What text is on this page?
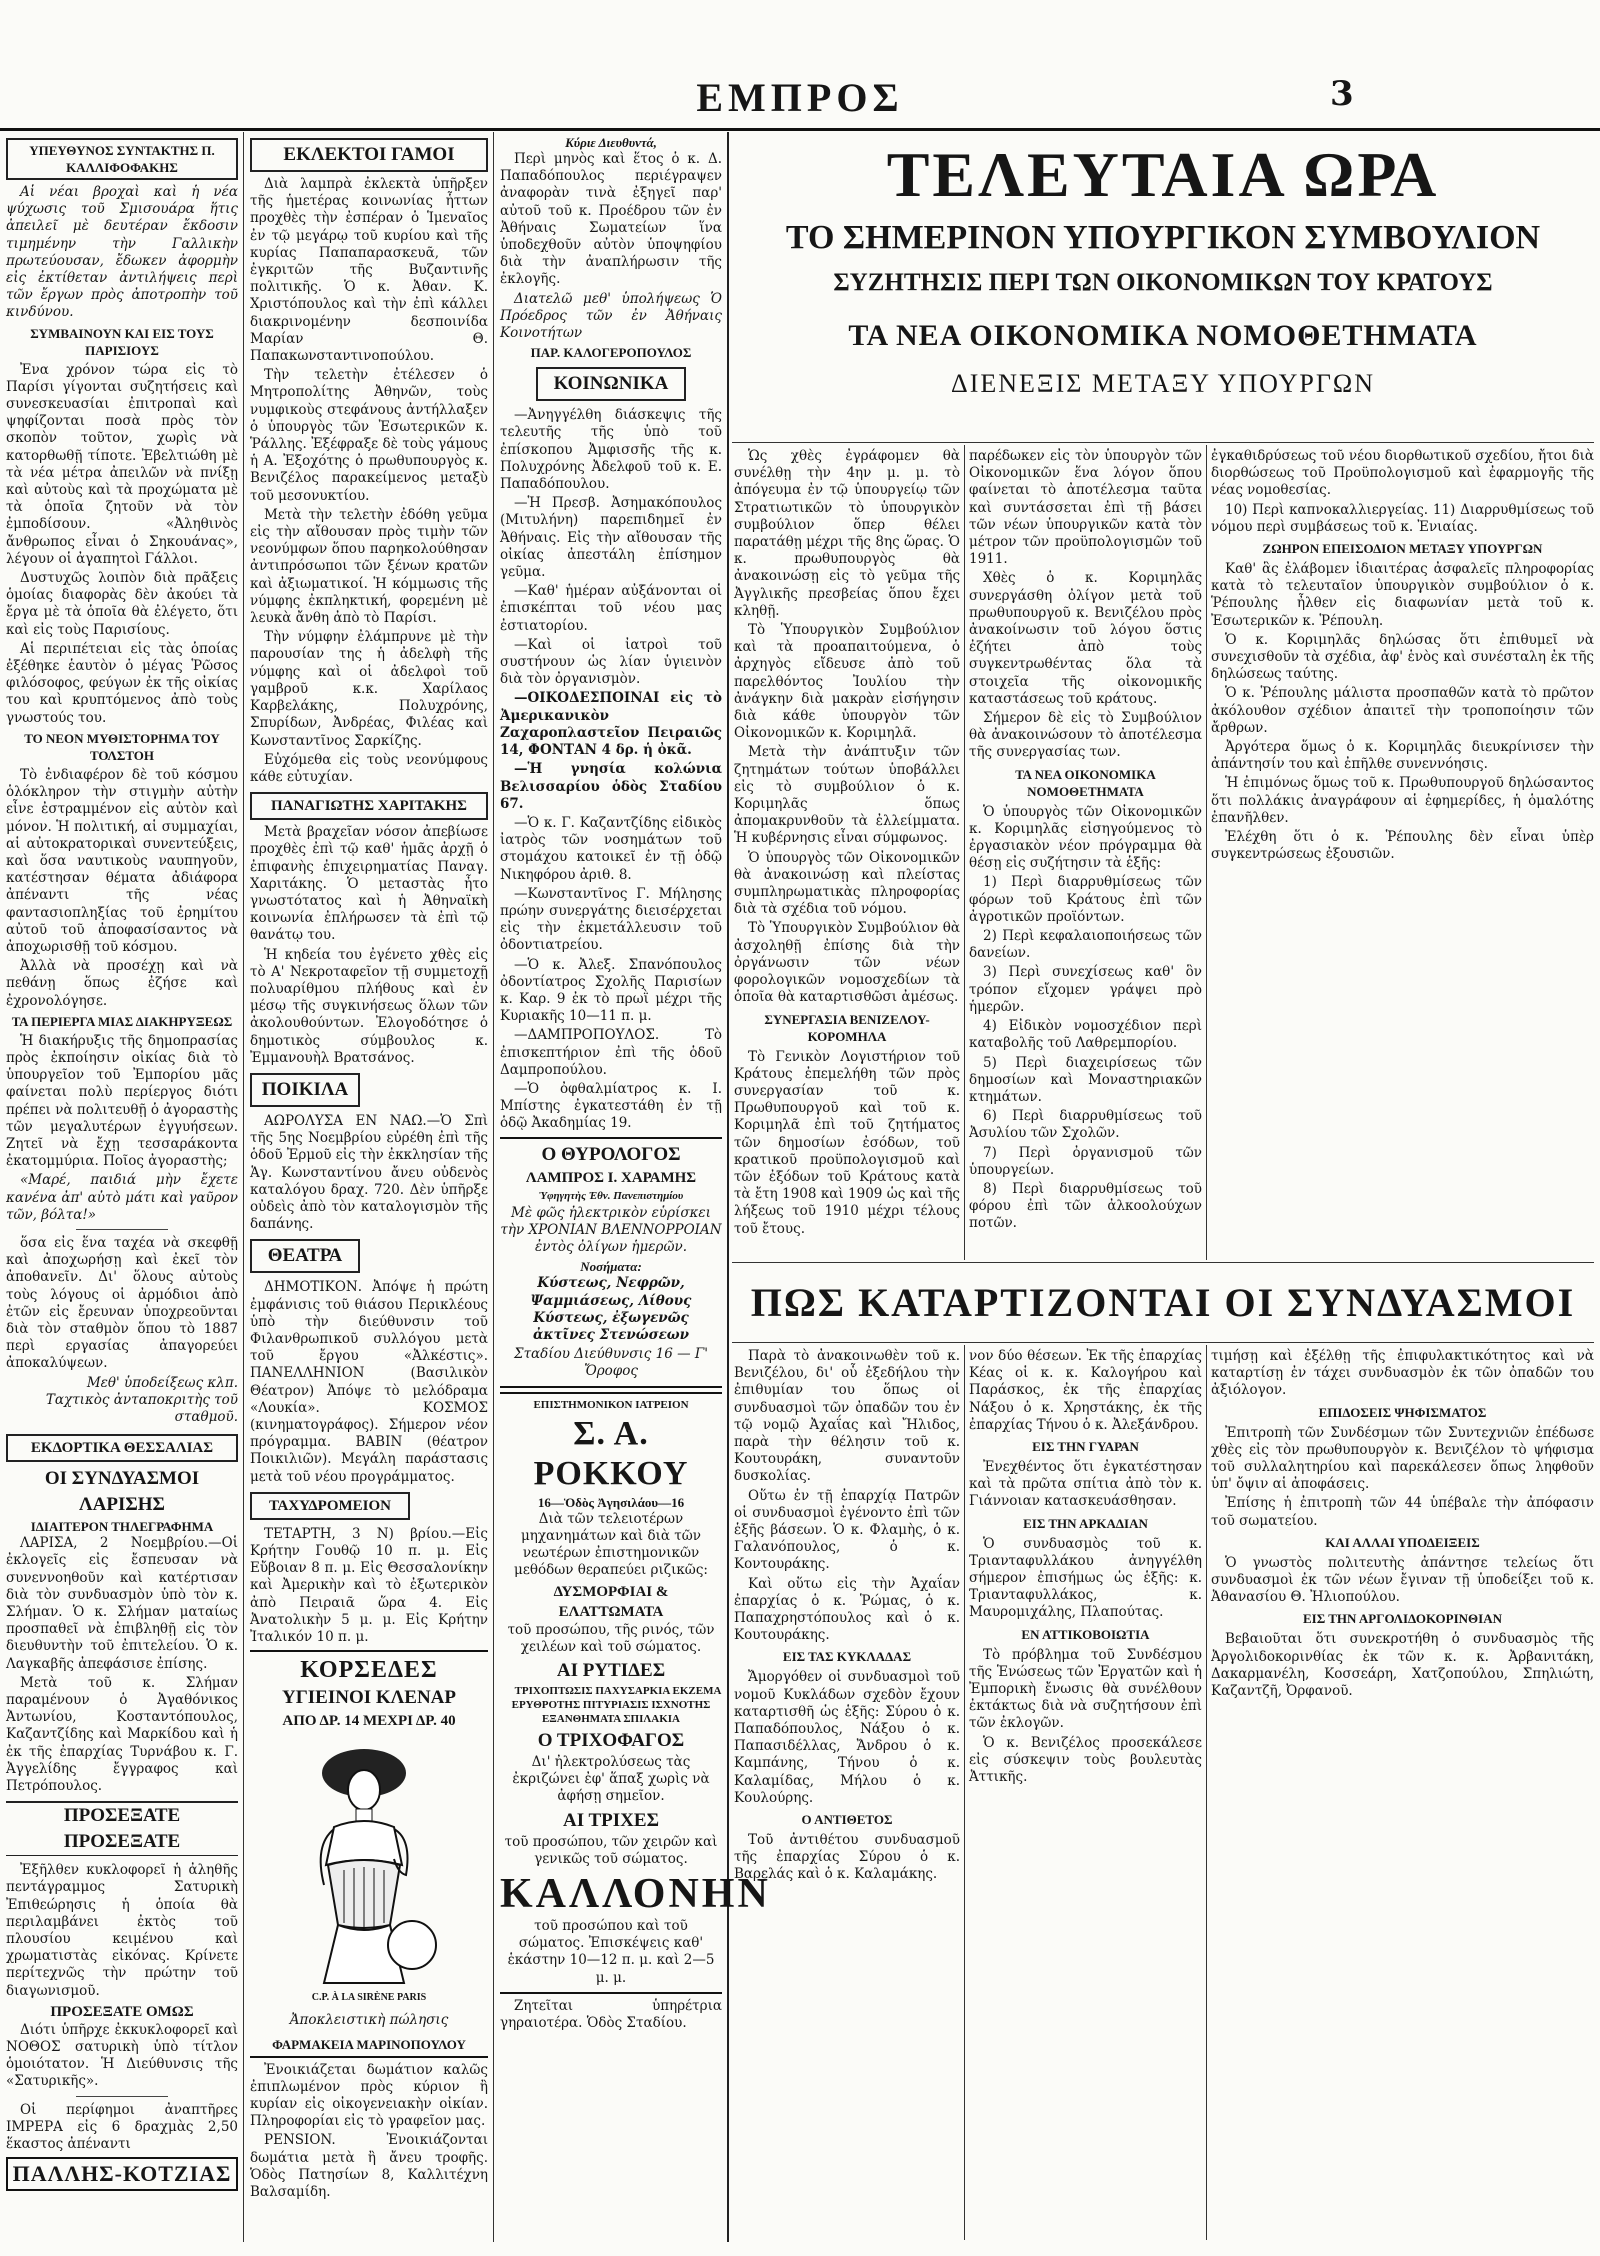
ΕΜΠΡΟΣ	3
ΥΠΕΥΘΥΝΟΣ ΣΥΝΤΑΚΤΗΣ Π. ΚΑΛΛΙΦΟΦΑΚΗΣ

Αἱ νέαι βροχαὶ καὶ ἡ νέα ψύχωσις τοῦ Σμισουάρα ἥτις ἀπειλεῖ μὲ δευτέραν ἔκδοσιν τιμημένην τὴν Γαλλικὴν πρωτεύουσαν, ἔδωκεν ἀφορμὴν εἰς ἐκτίθεταν ἀντιλήψεις περὶ τῶν ἔργων πρὸς ἀποτροπὴν τοῦ κινδύνου.

ΣΥΜΒΑΙΝΟΥΝ ΚΑΙ ΕΙΣ ΤΟΥΣ ΠΑΡΙΣΙΟΥΣ

Ἐνα χρόνον τώρα εἰς τὸ Παρίσι γίγονται συζητήσεις καὶ συνεσκευασίαι ἐπιτροπαὶ καὶ ψηφίζονται ποσὰ πρὸς τὸν σκοπὸν τοῦτον, χωρὶς νὰ κατορθωθῇ τίποτε. Ἐβελτιώθη μὲ τὰ νέα μέτρα ἀπειλῶν νὰ πνίξῃ καὶ αὐτοὺς καὶ τὰ προχώματα μὲ τὰ ὁποῖα ζητοῦν νὰ τὸν ἐμποδίσουν. «Ἀληθινὸς ἄνθρωπος εἶναι ὁ Σηκουάνας», λέγουν οἱ ἀγαπητοὶ Γάλλοι.

Δυστυχῶς λοιπὸν διὰ πρᾶξεις ὁμοίας διαφορὰς δὲν ἀκούει τὰ ἔργα μὲ τὰ ὁποῖα θὰ ἐλέγετο, ὅτι καὶ εἰς τοὺς Παρισίους.

Αἱ περιπέτειαι εἰς τὰς ὁποίας ἐξέθηκε ἑαυτὸν ὁ μέγας Ῥῶσος φιλόσοφος, φεύγων ἐκ τῆς οἰκίας του καὶ κρυπτόμενος ἀπὸ τοὺς γνωστούς του.

ΤΟ ΝΕΟΝ ΜΥΘΙΣΤΟΡΗΜΑ ΤΟΥ ΤΟΛΣΤΟΗ

Τὸ ἐνδιαφέρον δὲ τοῦ κόσμου ὁλόκληρον τὴν στιγμὴν αὐτὴν εἶνε ἐστραμμένον εἰς αὐτὸν καὶ μόνον. Ἡ πολιτική, αἱ συμμαχίαι, αἱ αὐτοκρατορικαὶ συνεντεύξεις, καὶ ὅσα ναυτικοὺς ναυπηγοῦν, κατέστησαν θέματα ἀδιάφορα ἀπέναντι τῆς νέας φαντασιοπληξίας τοῦ ἐρημίτου αὐτοῦ τοῦ ἀποφασίσαντος νὰ ἀποχωρισθῇ τοῦ κόσμου.

Ἀλλὰ νὰ προσέχῃ καὶ νὰ πεθάνῃ ὅπως ἐζήσε καὶ ἐχρονολόγησε.

ΤΑ ΠΕΡΙΕΡΓΑ ΜΙΑΣ ΔΙΑΚΗΡΥΞΕΩΣ

Ἡ διακήρυξις τῆς δημοπρασίας πρὸς ἐκποίησιν οἰκίας διὰ τὸ ὑπουργεῖον τοῦ Ἐμπορίου μᾶς φαίνεται πολὺ περίεργος διότι πρέπει νὰ πολιτευθῇ ὁ ἀγοραστὴς τῶν μεγαλυτέρων ἐγγυήσεων. Ζητεῖ νὰ ἔχῃ τεσσαράκοντα ἐκατομμύρια. Ποῖος ἀγοραστὴς;

«Μαρέ, παιδιά μὴν ἔχετε κανένα ἀπ' αὐτὸ μάτι καὶ γαῦρον τῶν, βόλτα!»

ὅσα εἰς ἕνα ταχέα νὰ σκεφθῇ καὶ ἀποχωρήσῃ καὶ ἐκεῖ τὸν ἀποθανεῖν. Δι' ὅλους αὐτοὺς τοὺς λόγους οἱ ἀρμόδιοι ἀπὸ ἐτῶν εἰς ἔρευναν ὑποχρεοῦνται διὰ τὸν σταθμὸν ὅπου τὸ 1887 περὶ εργασίας ἀπαγορεύει ἀποκαλύψεων.

Μεθ' ὑποδείξεως κλπ. Ταχτικὸς ἀνταποκριτὴς τοῦ σταθμοῦ.

ΕΚΔΟΡΤΙΚΑ ΘΕΣΣΑΛΙΑΣ
ΟΙ ΣΥΝΔΥΑΣΜΟΙ ΛΑΡΙΣΗΣ
ΙΔΙΑΙΤΕΡΟΝ ΤΗΛΕΓΡΑΦΗΜΑ

ΛΑΡΙΣΑ, 2 Νοεμβρίου.—Οἱ ἐκλογεῖς εἰς ἔσπευσαν νὰ συνεννοηθοῦν καὶ κατέρτισαν διὰ τὸν συνδυασμὸν ὑπὸ τὸν κ. Σλήμαν. Ὁ κ. Σλήμαν ματαίως προσπαθεῖ νὰ ἐπιβληθῇ εἰς τὸν διευθυντὴν τοῦ ἐπιτελείου. Ὁ κ. Λαγκαβῆς ἀπεφάσισε ἐπίσης.

Μετὰ τοῦ κ. Σλήμαν παραμένουν ὁ Ἀγαθόνικος Ἀντωνίου, Κοσταντόπουλος, Καζαντζίδης καὶ Μαρκίδου καὶ ἡ ἐκ τῆς ἐπαρχίας Τυρνάβου κ. Γ. Ἀγγελίδης ἔγγραφος καὶ Πετρόπουλος.

ΠΡΟΣΕΞΑΤΕ ΠΡΟΣΕΞΑΤΕ

Ἐξῆλθεν κυκλοφορεῖ ἡ ἀληθῆς πεντάγραμμος Σατυρικὴ Ἐπιθεώρησις ἡ ὁποία θὰ περιλαμβάνει ἐκτὸς τοῦ πλουσίου κειμένου καὶ χρωματιστὰς εἰκόνας. Κρίνετε περίτεχνῶς τὴν πρώτην τοῦ διαγωνισμοῦ.

ΠΡΟΣΕΞΑΤΕ ΟΜΩΣ

Διότι ὑπῆρχε ἐκκυκλοφορεῖ καὶ ΝΟΘΟΣ σατυρικὴ ὑπὸ τίτλον ὁμοιότατον. Ἡ Διεύθυνσις τῆς «Σατυρικῆς».

Οἱ περίφημοι ἀναπτῆρες ΙΜΡΕΡΑ εἰς 6 δραχμὰς 2,50 ἕκαστος ἀπέναντι

ΠΑΛΛΗΣ-ΚΟΤΖΙΑΣ
ΕΚΛΕΚΤΟΙ ΓΑΜΟΙ

Διὰ λαμπρὰ ἐκλεκτὰ ὑπῆρξεν τῆς ἡμετέρας κοινωνίας ἧττων προχθὲς τὴν ἐσπέραν ὁ Ἱμεναῖος ἐν τῷ μεγάρῳ τοῦ κυρίου καὶ τῆς κυρίας Παπαπαρασκευᾶ, τῶν ἐγκριτῶν τῆς Βυζαντινῆς πολιτικῆς. Ὁ κ. Ἀθαν. Κ. Χριστόπουλος καὶ τὴν ἐπὶ κάλλει διακρινομένην δεσποινίδα Μαρίαν Θ. Παπακωνσταντινοπούλου.

Τὴν τελετὴν ἐτέλεσεν ὁ Μητροπολίτης Ἀθηνῶν, τοὺς νυμφικοὺς στεφάνους ἀντήλλαξεν ὁ ὑπουργὸς τῶν Ἐσωτερικῶν κ. Ῥάλλης. Ἐξέφραξε δὲ τοὺς γάμους ἡ Α. Ἐξοχότης ὁ πρωθυπουργὸς κ. Βενιζέλος παρακείμενος μεταξὺ τοῦ μεσονυκτίου.

Μετὰ τὴν τελετὴν ἐδόθη γεῦμα εἰς τὴν αἴθουσαν πρὸς τιμὴν τῶν νεονύμφων ὅπου παρηκολούθησαν ἀντιπρόσωποι τῶν ξένων κρατῶν καὶ ἀξιωματικοί. Ἡ κόμμωσις τῆς νύμφης ἐκπληκτική, φορεμένη μὲ λευκὰ ἄνθη ἀπὸ τὸ Παρίσι.

Τὴν νύμφην ἐλάμπρυνε μὲ τὴν παρουσίαν της ἡ ἀδελφὴ τῆς νύμφης καὶ οἱ ἀδελφοὶ τοῦ γαμβροῦ κ.κ. Χαρίλαος Καρβελάκης, Πολυχρόνης, Σπυρίδων, Ἀνδρέας, Φιλέας καὶ Κωνσταντῖνος Σαρκίζης.

Εὐχόμεθα εἰς τοὺς νεονύμφους κάθε εὐτυχίαν.

ΠΑΝΑΓΙΩΤΗΣ ΧΑΡΙΤΑΚΗΣ

Μετὰ βραχεῖαν νόσον ἀπεβίωσε προχθὲς ἐπὶ τῷ καθ' ἡμᾶς ἀρχῇ ὁ ἐπιφανὴς ἐπιχειρηματίας Παναγ. Χαριτάκης. Ὁ μεταστὰς ἦτο γνωστότατος καὶ ἡ Ἀθηναϊκὴ κοινωνία ἐπλήρωσεν τὰ ἐπὶ τῷ θανάτῳ του.

Ἡ κηδεία του ἐγένετο χθὲς εἰς τὸ Α' Νεκροταφεῖον τῇ συμμετοχῇ πολυαρίθμου πλήθους καὶ ἐν μέσῳ τῆς συγκινήσεως ὅλων τῶν ἀκολουθούντων. Ἐλογοδότησε ὁ δημοτικὸς σύμβουλος κ. Ἐμμανουὴλ Βρατσάνος.

ΠΟΙΚΙΛΑ

ΑΩΡΟΛΥΣΑ ΕΝ ΝΑΩ.—Ὁ Σπὶ τῆς 5ης Νοεμβρίου εὐρέθη ἐπὶ τῆς ὁδοῦ Ἐρμοῦ εἰς τὴν ἐκκλησίαν τῆς Ἁγ. Κωνσταντίνου ἄνευ οὐδενὸς καταλόγου δραχ. 720. Δὲν ὑπῆρξε οὐδεὶς ἀπὸ τὸν καταλογισμὸν τῆς δαπάνης.

ΘΕΑΤΡΑ

ΔΗΜΟΤΙΚΟΝ. Ἀπόψε ἡ πρώτη ἐμφάνισις τοῦ θιάσου Περικλέους ὑπὸ τὴν διεύθυνσιν τοῦ Φιλανθρωπικοῦ συλλόγου μετὰ τοῦ ἔργου «Ἀλκέστις». ΠΑΝΕΛΛΗΝΙΟΝ (Βασιλικὸν Θέατρον) Ἀπόψε τὸ μελόδραμα «Λουκία». ΚΟΣΜΟΣ (κινηματογράφος). Σήμερον νέον πρόγραμμα. ΒΑΒΙΝ (θέατρον Ποικιλιῶν). Μεγάλη παράστασις μετὰ τοῦ νέου προγράμματος.

ΤΑΧΥΔΡΟΜΕΙΟΝ

ΤΕΤΑΡΤΗ, 3 Ν) βρίου.—Εἰς Κρήτην Γουθῷ 10 π. μ. Εἰς Εὔβοιαν 8 π. μ. Εἰς Θεσσαλονίκην καὶ Ἀμερικὴν καὶ τὸ ἐξωτερικὸν ἀπὸ Πειραιᾶ ὥρα 4. Εἰς Ἀνατολικὴν 5 μ. μ. Εἰς Κρήτην Ἰταλικόν 10 π. μ.

ΚΟΡΣΕΔΕΣ
ΥΓΙΕΙΝΟΙ ΚΛΕΝΑΡ
ΑΠΟ ΔΡ. 14 ΜΕΧΡΙ ΔΡ. 40
C.P. À LA SIRÈNE PARIS
Ἀποκλειστικὴ πώλησις
ΦΑΡΜΑΚΕΙΑ ΜΑΡΙΝΟΠΟΥΛΟΥ

Ἐνοικιάζεται δωμάτιον καλῶς ἐπιπλωμένον πρὸς κύριον ἢ κυρίαν εἰς οἰκογενειακὴν οἰκίαν. Πληροφορίαι εἰς τὸ γραφεῖον μας.

PENSION. Ἐνοικιάζονται δωμάτια μετὰ ἢ ἄνευ τροφῆς. Ὁδὸς Πατησίων 8, Καλλιτέχνη Βαλσαμίδη.

Κύριε Διευθυντά,

Περὶ μηνὸς καὶ ἕτος ὁ κ. Δ. Παπαδόπουλος περιέγραψεν ἀναφορὰν τινὰ ἐξηγεῖ παρ' αὐτοῦ τοῦ κ. Προέδρου τῶν ἐν Ἀθήναις Σωματείων ἵνα ὑποδεχθοῦν αὐτὸν ὑποψηφίου διὰ τὴν ἀναπλήρωσιν τῆς ἐκλογῆς.

Διατελῶ μεθ' ὑπολήψεως Ὁ Πρόεδρος τῶν ἐν Ἀθήναις Κοινοτήτων

ΠΑΡ. ΚΑΛΟΓΕΡΟΠΟΥΛΟΣ
ΚΟΙΝΩΝΙΚΑ

—Ἀνηγγέλθη διάσκεψις τῆς τελευτῆς τῆς ὑπὸ τοῦ ἐπίσκοπου Ἀμφισσῆς τῆς κ. Πολυχρόνης Ἀδελφοῦ τοῦ κ. Ε. Παπαδόπουλου.

—Ἡ Πρεσβ. Ἀσημακόπουλος (Μιτυλήνη) παρεπιδημεῖ ἐν Ἀθήναις. Εἰς τὴν αἴθουσαν τῆς οἰκίας ἀπεστάλη ἐπίσημον γεῦμα.

—Καθ' ἡμέραν αὐξάνονται οἱ ἐπισκέπται τοῦ νέου μας ἐστιατορίου.

—Καὶ οἱ ἰατροὶ τοῦ συστήνουν ὡς λίαν ὑγιεινὸν διὰ τὸν ὀργανισμὸν.

—ΟΙΚΟΔΕΣΠΟΙΝΑΙ εἰς τὸ Ἀμερικανικὸν Ζαχαροπλαστεῖον Πειραιῶς 14, ΦΟΝΤΑΝ 4 δρ. ἡ ὀκᾶ.

—Ἡ γνησία κολώνια Βελισσαρίου ὁδὸς Σταδίου 67.

—Ὁ κ. Γ. Καζαντζίδης εἰδικὸς ἰατρὸς τῶν νοσημάτων τοῦ στομάχου κατοικεῖ ἐν τῇ ὁδῷ Νικηφόρου ἀριθ. 8.

—Κωνσταντῖνος Γ. Μήλησης πρώην συνεργάτης διεισέρχεται εἰς τὴν ἐκμετάλλευσιν τοῦ ὀδοντιατρείου.

—Ὁ κ. Ἀλεξ. Σπανόπουλος ὀδοντίατρος Σχολῆς Παρισίων κ. Καρ. 9 ἐκ τὸ πρωῒ μέχρι τῆς Κυριακῆς 10—11 π. μ.

—ΔΑΜΠΡΟΠΟΥΛΟΣ. Τὸ ἐπισκεπτήριον ἐπὶ τῆς ὁδοῦ Δαμπροπούλου.

—Ὁ ὀφθαλμίατρος κ. Ι. Μπίστης ἐγκατεστάθη ἐν τῇ ὁδῷ Ἀκαδημίας 19.

Ο ΘΥΡΟΛΟΓΟΣ
ΛΑΜΠΡΟΣ Ι. ΧΑΡΑΜΗΣ
Ὑφηγητὴς Ἐθν. Πανεπιστημίου

Μὲ φῶς ἠλεκτρικὸν εὑρίσκει τὴν ΧΡΟΝΙΑΝ ΒΛΕΝΝΟΡΡΟΙΑΝ ἐντὸς ὀλίγων ἡμερῶν.

Νοσήματα:

Κύστεως, Νεφρῶν, Ψαμμιάσεως, Λίθους Κύστεως, ἐξωγενῶς ἀκτῖνες Στενώσεων

Σταδίου Διεύθυνσις 16 — Γ' Ὄροφος

ΕΠΙΣΤΗΜΟΝΙΚΟΝ ΙΑΤΡΕΙΟΝ
Σ. Α. ΡΟΚΚΟΥ
16—Ὁδὸς Ἀγησιλάου—16

Διὰ τῶν τελειοτέρων μηχανημάτων καὶ διὰ τῶν νεωτέρων ἐπιστημονικῶν μεθόδων θεραπεύει ριζικῶς:

ΔΥΣΜΟΡΦΙΑΙ & ΕΛΑΤΤΩΜΑΤΑ

τοῦ προσώπου, τῆς ρινός, τῶν χειλέων καὶ τοῦ σώματος.

ΑΙ ΡΥΤΙΔΕΣ

ΤΡΙΧΟΠΤΩΣΙΣ ΠΑΧΥΣΑΡΚΙΑ ΕΚΖΕΜΑ ΕΡΥΘΡΟΤΗΣ ΠΙΤΥΡΙΑΣΙΣ ΙΣΧΝΟΤΗΣ ΕΞΑΝΘΗΜΑΤΑ ΣΠΙΛΑΚΙΑ

Ο ΤΡΙΧΟΦΑΓΟΣ

Δι' ἠλεκτρολύσεως τὰς ἐκριζώνει ἐφ' ἅπαξ χωρὶς νὰ ἀφήσῃ σημεῖον.

ΑΙ ΤΡΙΧΕΣ

τοῦ προσώπου, τῶν χειρῶν καὶ γενικῶς τοῦ σώματος.

ΚΑΛΛΟΝΗΝ

τοῦ προσώπου καὶ τοῦ σώματος. Ἐπισκέψεις καθ' ἑκάστην 10—12 π. μ. καὶ 2—5 μ. μ.

Ζητεῖται ὑπηρέτρια γηραιοτέρα. Ὁδὸς Σταδίου.

ΤΕΛΕΥΤΑΙΑ ΩΡΑ
ΤΟ ΣΗΜΕΡΙΝΟΝ ΥΠΟΥΡΓΙΚΟΝ ΣΥΜΒΟΥΛΙΟΝ
ΣΥΖΗΤΗΣΙΣ ΠΕΡΙ ΤΩΝ ΟΙΚΟΝΟΜΙΚΩΝ ΤΟΥ ΚΡΑΤΟΥΣ
ΤΑ ΝΕΑ ΟΙΚΟΝΟΜΙΚΑ ΝΟΜΟΘΕΤΗΜΑΤΑ
ΔΙΕΝΕΞΙΣ ΜΕΤΑΞΥ ΥΠΟΥΡΓΩΝ

Ὡς χθὲς ἐγράφομεν θὰ συνέλθῃ τὴν 4ην μ. μ. τὸ ἀπόγευμα ἐν τῷ ὑπουργείῳ τῶν Στρατιωτικῶν τὸ ὑπουργικὸν συμβούλιον ὅπερ θέλει παρατάθῃ μέχρι τῆς 8ης ὥρας. Ὁ κ. πρωθυπουργὸς θὰ ἀνακοινώσῃ εἰς τὸ γεῦμα τῆς Ἀγγλικῆς πρεσβείας ὅπου ἔχει κληθῇ.

Τὸ Ὑπουργικὸν Συμβούλιον καὶ τὰ προαπαιτούμενα, ὁ ἀρχηγὸς εἴδευσε ἀπὸ τοῦ παρελθόντος Ἰουλίου τὴν ἀνάγκην διὰ μακρὰν εἰσήγησιν διὰ κάθε ὑπουργὸν τῶν Οἰκονομικῶν κ. Κοριμηλᾶ.

Μετὰ τὴν ἀνάπτυξιν τῶν ζητημάτων τούτων ὑποβάλλει εἰς τὸ συμβούλιον ὁ κ. Κοριμηλᾶς ὅπως ἀπομακρυνθοῦν τὰ ἐλλείμματα. Ἡ κυβέρνησις εἶναι σύμφωνος.

Ὁ ὑπουργὸς τῶν Οἰκονομικῶν θὰ ἀνακοινώσῃ καὶ πλείστας συμπληρωματικὰς πληροφορίας διὰ τὰ σχέδια τοῦ νόμου.

Τὸ Ὑπουργικὸν Συμβούλιον θὰ ἀσχοληθῇ ἐπίσης διὰ τὴν ὀργάνωσιν τῶν νέων φορολογικῶν νομοσχεδίων τὰ ὁποῖα θὰ καταρτισθῶσι ἀμέσως.

ΣΥΝΕΡΓΑΣΙΑ ΒΕΝΙΖΕΛΟΥ-ΚΟΡΟΜΗΛΑ

Τὸ Γενικὸν Λογιστήριον τοῦ Κράτους ἐπεμελήθη τῶν πρὸς συνεργασίαν τοῦ κ. Πρωθυπουργοῦ καὶ τοῦ κ. Κοριμηλᾶ ἐπὶ τοῦ ζητήματος τῶν δημοσίων ἐσόδων, τοῦ κρατικοῦ προϋπολογισμοῦ καὶ τῶν ἐξόδων τοῦ Κράτους κατὰ τὰ ἔτη 1908 καὶ 1909 ὡς καὶ τῆς λήξεως τοῦ 1910 μέχρι τέλους τοῦ ἔτους.

παρέδωκεν εἰς τὸν ὑπουργὸν τῶν Οἰκονομικῶν ἕνα λόγον ὅπου φαίνεται τὸ ἀποτέλεσμα ταῦτα καὶ συντάσσεται ἐπὶ τῇ βάσει τῶν νέων ὑπουργικῶν κατὰ τὸν μέτρον τῶν προϋπολογισμῶν τοῦ 1911.

Χθὲς ὁ κ. Κοριμηλᾶς συνεργάσθη ὀλίγον μετὰ τοῦ πρωθυπουργοῦ κ. Βενιζέλου πρὸς ἀνακοίνωσιν τοῦ λόγου ὅστις ἐζήτει ἀπὸ τοὺς συγκεντρωθέντας ὅλα τὰ στοιχεῖα τῆς οἰκονομικῆς καταστάσεως τοῦ κράτους.

Σήμερον δὲ εἰς τὸ Συμβούλιον θὰ ἀνακοινώσουν τὸ ἀποτέλεσμα τῆς συνεργασίας των.

ΤΑ ΝΕΑ ΟΙΚΟΝΟΜΙΚΑ ΝΟΜΟΘΕΤΗΜΑΤΑ

Ὁ ὑπουργὸς τῶν Οἰκονομικῶν κ. Κοριμηλᾶς εἰσηγούμενος τὸ ἐργασιακὸν νέον πρόγραμμα θὰ θέσῃ εἰς συζήτησιν τὰ ἑξῆς:

1) Περὶ διαρρυθμίσεως τῶν φόρων τοῦ Κράτους ἐπὶ τῶν ἀγροτικῶν προϊόντων.

2) Περὶ κεφαλαιοποιήσεως τῶν δανείων.

3) Περὶ συνεχίσεως καθ' ὃν τρόπον εἴχομεν γράψει πρὸ ἡμερῶν.

4) Εἰδικὸν νομοσχέδιον περὶ καταβολῆς τοῦ Λαθρεμπορίου.

5) Περὶ διαχειρίσεως τῶν δημοσίων καὶ Μοναστηριακῶν κτημάτων.

6) Περὶ διαρρυθμίσεως τοῦ Ἀσυλίου τῶν Σχολῶν.

7) Περὶ ὀργανισμοῦ τῶν ὑπουργείων.

8) Περὶ διαρρυθμίσεως τοῦ φόρου ἐπὶ τῶν ἀλκοολούχων ποτῶν.

ἐγκαθιδρύσεως τοῦ νέου διορθωτικοῦ σχεδίου, ἤτοι διὰ διορθώσεως τοῦ Προϋπολογισμοῦ καὶ ἐφαρμογῆς τῆς νέας νομοθεσίας.

10) Περὶ καπνοκαλλιεργείας. 11) Διαρρυθμίσεως τοῦ νόμου περὶ συμβάσεως τοῦ κ. Ἐνιαίας.

ΖΩΗΡΟΝ ΕΠΕΙΣΟΔΙΟΝ ΜΕΤΑΞΥ ΥΠΟΥΡΓΩΝ

Καθ' ἃς ἐλάβομεν ἰδιαιτέρας ἀσφαλεῖς πληροφορίας κατὰ τὸ τελευταῖον ὑπουργικὸν συμβούλιον ὁ κ. Ῥέπουλης ἦλθεν εἰς διαφωνίαν μετὰ τοῦ κ. Ἐσωτερικῶν κ. Ῥέπουλη.

Ὁ κ. Κοριμηλᾶς δηλώσας ὅτι ἐπιθυμεῖ νὰ συνεχισθοῦν τὰ σχέδια, ἀφ' ἑνὸς καὶ συνέσταλη ἐκ τῆς δηλώσεως ταύτης.

Ὁ κ. Ῥέπουλης μάλιστα προσπαθῶν κατὰ τὸ πρῶτον ἀκόλουθον σχέδιον ἀπαιτεῖ τὴν τροποποίησιν τῶν ἄρθρων.

Ἀργότερα ὅμως ὁ κ. Κοριμηλᾶς διευκρίνισεν τὴν ἀπάντησίν του καὶ ἐπῆλθε συνεννόησις.

Ἡ ἐπιμόνως ὅμως τοῦ κ. Πρωθυπουργοῦ δηλώσαντος ὅτι πολλάκις ἀναγράφουν αἱ ἐφημερίδες, ἡ ὁμαλότης ἐπανῆλθεν.

Ἐλέχθη ὅτι ὁ κ. Ῥέπουλης δὲν εἶναι ὑπὲρ συγκεντρώσεως ἐξουσιῶν.

ΠΩΣ ΚΑΤΑΡΤΙΖΟΝΤΑΙ ΟΙ ΣΥΝΔΥΑΣΜΟΙ

Παρὰ τὸ ἀνακοινωθὲν τοῦ κ. Βενιζέλου, δι' οὗ ἐξεδήλου τὴν ἐπιθυμίαν του ὅπως οἱ συνδυασμοὶ τῶν ὀπαδῶν του ἐν τῷ νομῷ Ἀχαΐας καὶ Ἤλιδος, παρὰ τὴν θέλησιν τοῦ κ. Κουτουράκη, συναντοῦν δυσκολίας.

Οὕτω ἐν τῇ ἐπαρχίᾳ Πατρῶν οἱ συνδυασμοὶ ἐγένοντο ἐπὶ τῶν ἑξῆς βάσεων. Ὁ κ. Φλαμὴς, ὁ κ. Γαλανόπουλος, ὁ κ. Κοντουράκης.

Καὶ οὕτω εἰς τὴν Ἀχαΐαν ἐπαρχίας ὁ κ. Ῥώμας, ὁ κ. Παπαχρηστόπουλος καὶ ὁ κ. Κουτουράκης.

ΕΙΣ ΤΑΣ ΚΥΚΛΑΔΑΣ

Ἄμοργόθεν οἱ συνδυασμοὶ τοῦ νομοῦ Κυκλάδων σχεδὸν ἔχουν καταρτισθῆ ὡς ἑξῆς: Σύρου ὁ κ. Παπαδόπουλος, Νάξου ὁ κ. Παπασιδέλλας, Ἄνδρου ὁ κ. Καμπάνης, Τήνου ὁ κ. Καλαμίδας, Μήλου ὁ κ. Κουλούρης.

Ο ΑΝΤΙΘΕΤΟΣ

Τοῦ ἀντιθέτου συνδυασμοῦ τῆς ἐπαρχίας Σύρου ὁ κ. Βαρελάς καὶ ὁ κ. Καλαμάκης.

νον δύο θέσεων. Ἐκ τῆς ἐπαρχίας Κέας οἱ κ. κ. Καλογήρου καὶ Παράσκος, ἐκ τῆς ἐπαρχίας Νάξου ὁ κ. Χρηστάκης, ἐκ τῆς ἐπαρχίας Τήνου ὁ κ. Ἀλεξάνδρου.

ΕΙΣ ΤΗΝ ΓΥΑΡΑΝ

Ἐνεχθέντος ὅτι ἐγκατέστησαν καὶ τὰ πρῶτα σπίτια ἀπὸ τὸν κ. Γιάννοιαν κατασκευάσθησαν.

ΕΙΣ ΤΗΝ ΑΡΚΑΔΙΑΝ

Ὁ συνδυασμὸς τοῦ κ. Τριανταφυλλάκου ἀνηγγέλθη σήμερον ἐπισήμως ὡς ἑξῆς: κ. Τριανταφυλλάκος, κ. Μαυρομιχάλης, Πλαπούτας.

ΕΝ ΑΤΤΙΚΟΒΟΙΩΤΙΑ

Τὸ πρόβλημα τοῦ Συνδέσμου τῆς Ἑνώσεως τῶν Ἐργατῶν καὶ ἡ Ἐμπορικὴ ἔνωσις θὰ συνέλθουν ἐκτάκτως διὰ νὰ συζητήσουν ἐπὶ τῶν ἐκλογῶν.

Ὁ κ. Βενιζέλος προσεκάλεσε εἰς σύσκεψιν τοὺς βουλευτὰς Ἀττικῆς.

τιμήσῃ καὶ ἐξέλθῃ τῆς ἐπιφυλακτικότητος καὶ νὰ καταρτίσῃ ἐν τάχει συνδυασμὸν ἐκ τῶν ὀπαδῶν του ἀξιόλογον.

ΕΠΙΔΟΣΕΙΣ ΨΗΦΙΣΜΑΤΟΣ

Ἐπιτροπὴ τῶν Συνδέσμων τῶν Συντεχνιῶν ἐπέδωσε χθὲς εἰς τὸν πρωθυπουργὸν κ. Βενιζέλον τὸ ψήφισμα τοῦ συλλαλητηρίου καὶ παρεκάλεσεν ὅπως ληφθοῦν ὑπ' ὄψιν αἱ ἀποφάσεις.

Ἐπίσης ἡ ἐπιτροπὴ τῶν 44 ὑπέβαλε τὴν ἀπόφασιν τοῦ σωματείου.

ΚΑΙ ΑΛΛΑΙ ΥΠΟΔΕΙΞΕΙΣ

Ὁ γνωστὸς πολιτευτὴς ἀπάντησε τελείως ὅτι συνδυασμοὶ ἐκ τῶν νέων ἔγιναν τῇ ὑποδείξει τοῦ κ. Ἀθανασίου Θ. Ἠλιοπούλου.

ΕΙΣ ΤΗΝ ΑΡΓΟΛΙΔΟΚΟΡΙΝΘΙΑΝ

Βεβαιοῦται ὅτι συνεκροτήθη ὁ συνδυασμὸς τῆς Ἀργολιδοκορινθίας ἐκ τῶν κ. κ. Ἀρβανιτάκη, Δακαρμανέλη, Κοσσεάρη, Χατζοπούλου, Σπηλιώτη, Καζαντζῆ, Ὀρφανοῦ.
